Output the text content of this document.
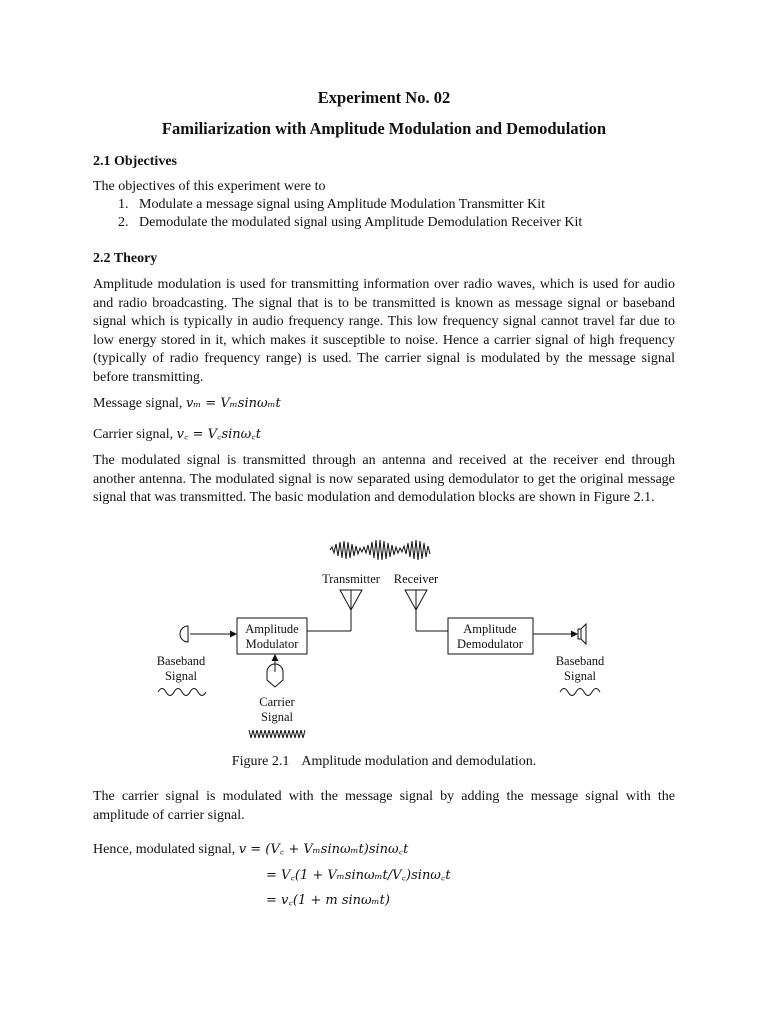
Experiment No. 02
Familiarization with Amplitude Modulation and Demodulation
2.1 Objectives
The objectives of this experiment were to
1. Modulate a message signal using Amplitude Modulation Transmitter Kit
2. Demodulate the modulated signal using Amplitude Demodulation Receiver Kit
2.2 Theory

Amplitude modulation is used for transmitting information over radio waves, which is used for audio and radio broadcasting. The signal that is to be transmitted is known as message signal or baseband signal which is typically in audio frequency range. This low frequency signal cannot travel far due to low energy stored in it, which makes it susceptible to noise. Hence a carrier signal of high frequency (typically of radio frequency range) is used. The carrier signal is modulated by the message signal before transmitting.

Message signal, vₘ = Vₘsinωₘt
Carrier signal, v꜀ = V꜀sinω꜀t

The modulated signal is transmitted through an antenna and received at the receiver end through another antenna. The modulated signal is now separated using demodulator to get the original message signal that was transmitted. The basic modulation and demodulation blocks are shown in Figure 2.1.

Transmitter Receiver
Amplitude
Modulator
Amplitude
Demodulator
Baseband
Signal
Baseband
Signal
Carrier
Signal
Figure 2.1 Amplitude modulation and demodulation.

The carrier signal is modulated with the message signal by adding the message signal with the amplitude of carrier signal.

Hence, modulated signal, v = (V꜀ + Vₘsinωₘt)sinω꜀t
= V꜀(1 + Vₘsinωₘt/V꜀)sinω꜀t
= v꜀(1 + m sinωₘt)
